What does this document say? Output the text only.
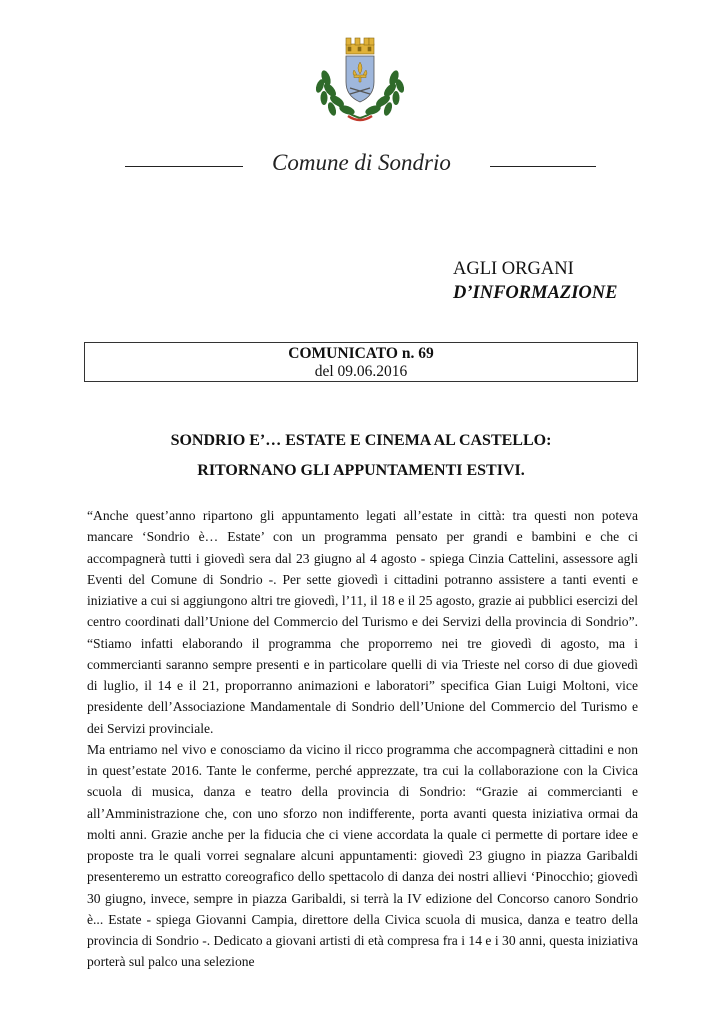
Comune di Sondrio
AGLI ORGANI
D’INFORMAZIONE
COMUNICATO n. 69
del 09.06.2016
SONDRIO E’… ESTATE E CINEMA AL CASTELLO:
RITORNANO GLI APPUNTAMENTI ESTIVI.

“Anche quest’anno ripartono gli appuntamento legati all’estate in città: tra questi non poteva mancare ‘Sondrio è… Estate’ con un programma pensato per grandi e bambini e che ci accompagnerà tutti i giovedì sera dal 23 giugno al 4 agosto - spiega Cinzia Cattelini, assessore agli Eventi del Comune di Sondrio -. Per sette giovedì i cittadini potranno assistere a tanti eventi e iniziative a cui si aggiungono altri tre giovedì, l’11, il 18 e il 25 agosto, grazie ai pubblici esercizi del centro coordinati dall’Unione del Commercio del Turismo e dei Servizi della provincia di Sondrio”. “Stiamo infatti elaborando il programma che proporremo nei tre giovedì di agosto, ma i commercianti saranno sempre presenti e in particolare quelli di via Trieste nel corso di due giovedì di luglio, il 14 e il 21, proporranno animazioni e laboratori” specifica Gian Luigi Moltoni, vice presidente dell’Associazione Mandamentale di Sondrio dell’Unione del Commercio del Turismo e dei Servizi provinciale.

Ma entriamo nel vivo e conosciamo da vicino il ricco programma che accompagnerà cittadini e non in quest’estate 2016. Tante le conferme, perché apprezzate, tra cui la collaborazione con la Civica scuola di musica, danza e teatro della provincia di Sondrio: “Grazie ai commercianti e all’Amministrazione che, con uno sforzo non indifferente, porta avanti questa iniziativa ormai da molti anni. Grazie anche per la fiducia che ci viene accordata la quale ci permette di portare idee e proposte tra le quali vorrei segnalare alcuni appuntamenti: giovedì 23 giugno in piazza Garibaldi presenteremo un estratto coreografico dello spettacolo di danza dei nostri allievi ‘Pinocchio; giovedì 30 giugno, invece, sempre in piazza Garibaldi, si terrà la IV edizione del Concorso canoro Sondrio è... Estate - spiega Giovanni Campia, direttore della Civica scuola di musica, danza e teatro della provincia di Sondrio -. Dedicato a giovani artisti di età compresa fra i 14 e i 30 anni, questa iniziativa porterà sul palco una selezione
